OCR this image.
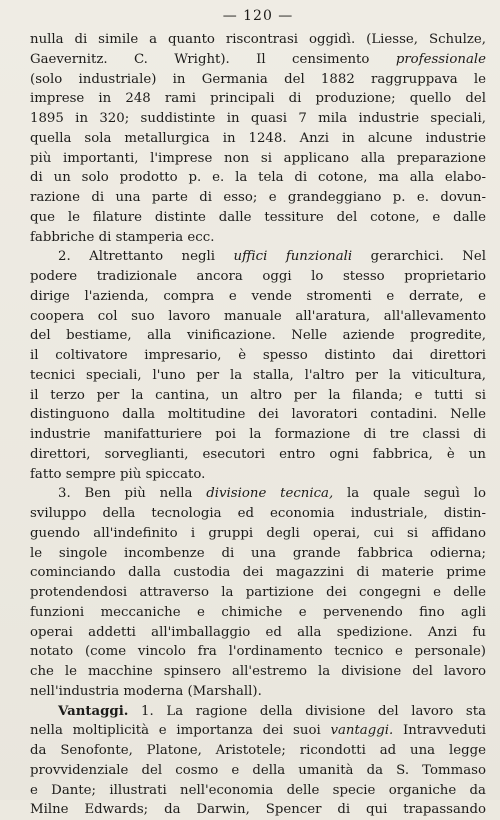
— 120 —
nulla di simile a quanto riscontrasi oggidì. (Liesse, Schulze,
Gaevernitz. C. Wright). Il censimento professionale
(solo industriale) in Germania del 1882 raggruppava le
imprese in 248 rami principali di produzione; quello del
1895 in 320; suddistinte in quasi 7 mila industrie speciali,
quella sola metallurgica in 1248. Anzi in alcune industrie
più importanti, l'imprese non si applicano alla preparazione
di un solo prodotto p. e. la tela di cotone, ma alla elabo-
razione di una parte di esso; e grandeggiano p. e. dovun-
que le filature distinte dalle tessiture del cotone, e dalle
fabbriche di stamperia ecc.
2. Altrettanto negli uffici funzionali gerarchici. Nel
podere tradizionale ancora oggi lo stesso proprietario
dirige l'azienda, compra e vende stromenti e derrate, e
coopera col suo lavoro manuale all'aratura, all'allevamento
del bestiame, alla vinificazione. Nelle aziende progredite,
il coltivatore impresario, è spesso distinto dai direttori
tecnici speciali, l'uno per la stalla, l'altro per la viticultura,
il terzo per la cantina, un altro per la filanda; e tutti si
distinguono dalla moltitudine dei lavoratori contadini. Nelle
industrie manifatturiere poi la formazione di tre classi di
direttori, sorveglianti, esecutori entro ogni fabbrica, è un
fatto sempre più spiccato.
3. Ben più nella divisione tecnica, la quale seguì lo
sviluppo della tecnologia ed economia industriale, distin-
guendo all'indefinito i gruppi degli operai, cui si affidano
le singole incombenze di una grande fabbrica odierna;
cominciando dalla custodia dei magazzini di materie prime
protendendosi attraverso la partizione dei congegni e delle
funzioni meccaniche e chimiche e pervenendo fino agli
operai addetti all'imballaggio ed alla spedizione. Anzi fu
notato (come vincolo fra l'ordinamento tecnico e personale)
che le macchine spinsero all'estremo la divisione del lavoro
nell'industria moderna (Marshall).
Vantaggi. 1. La ragione della divisione del lavoro sta
nella moltiplicità e importanza dei suoi vantaggi. Intravveduti
da Senofonte, Platone, Aristotele; ricondotti ad una legge
provvidenziale del cosmo e della umanità da S. Tommaso
e Dante; illustrati nell'economia delle specie organiche da
Milne Edwards; da Darwin, Spencer di qui trapassando
